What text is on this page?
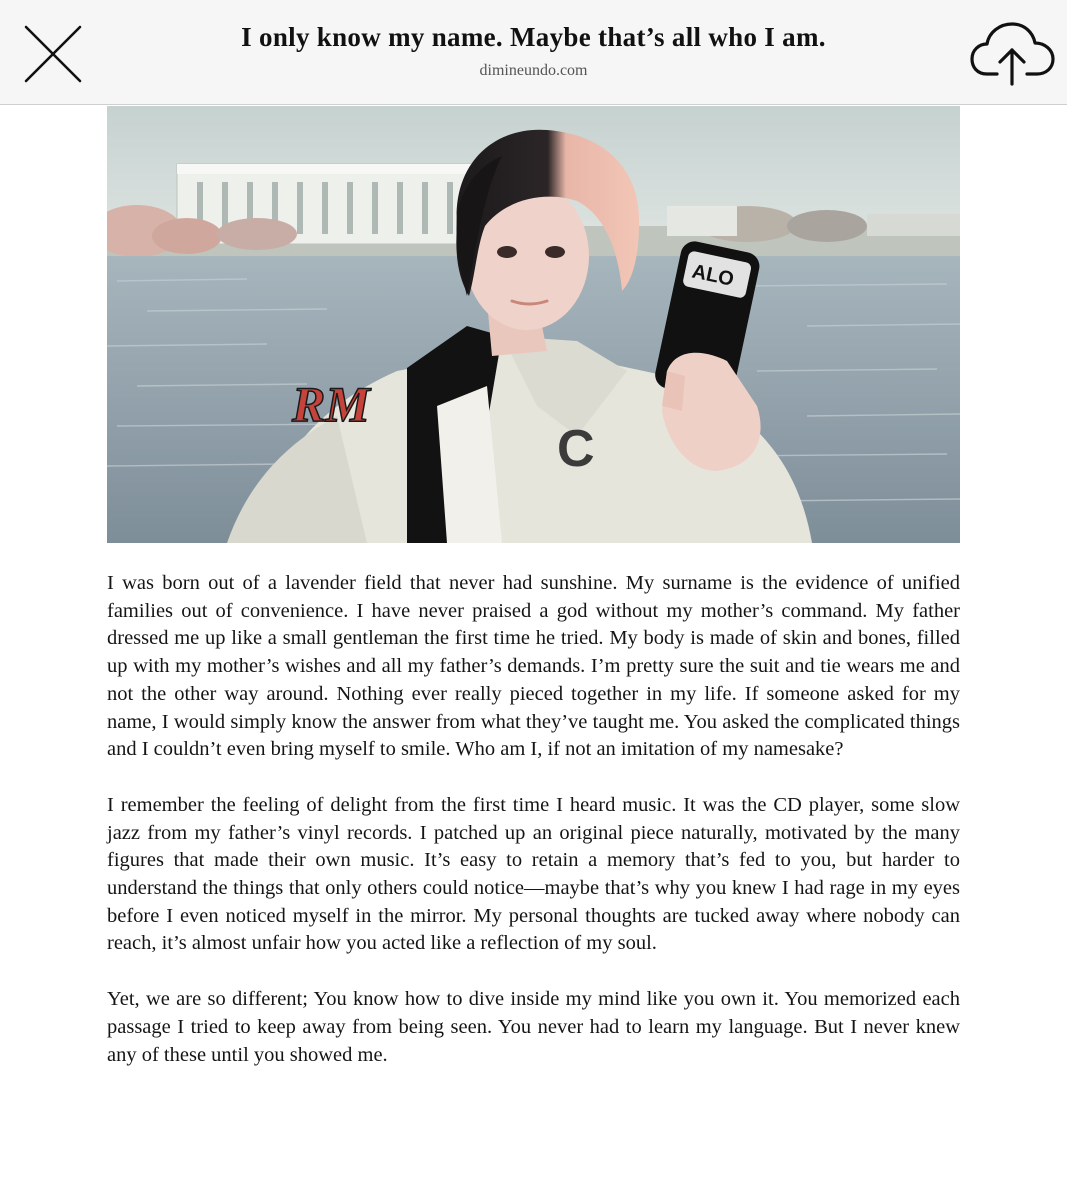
I only know my name. Maybe that’s all who I am.
dimineundo.com
RM
C
ALO

I was born out of a lavender field that never had sunshine. My surname is the evidence of unified families out of convenience. I have never praised a god without my mother’s command. My father dressed me up like a small gentleman the first time he tried. My body is made of skin and bones, filled up with my mother’s wishes and all my father’s demands. I’m pretty sure the suit and tie wears me and not the other way around. Nothing ever really pieced together in my life. If someone asked for my name, I would simply know the answer from what they’ve taught me. You asked the complicated things and I couldn’t even bring myself to smile. Who am I, if not an imitation of my namesake?

I remember the feeling of delight from the first time I heard music. It was the CD player, some slow jazz from my father’s vinyl records. I patched up an original piece naturally, motivated by the many figures that made their own music. It’s easy to retain a memory that’s fed to you, but harder to understand the things that only others could notice—maybe that’s why you knew I had rage in my eyes before I even noticed myself in the mirror. My personal thoughts are tucked away where nobody can reach, it’s almost unfair how you acted like a reflection of my soul.

Yet, we are so different; You know how to dive inside my mind like you own it. You memorized each passage I tried to keep away from being seen. You never had to learn my language. But I never knew any of these until you showed me.
